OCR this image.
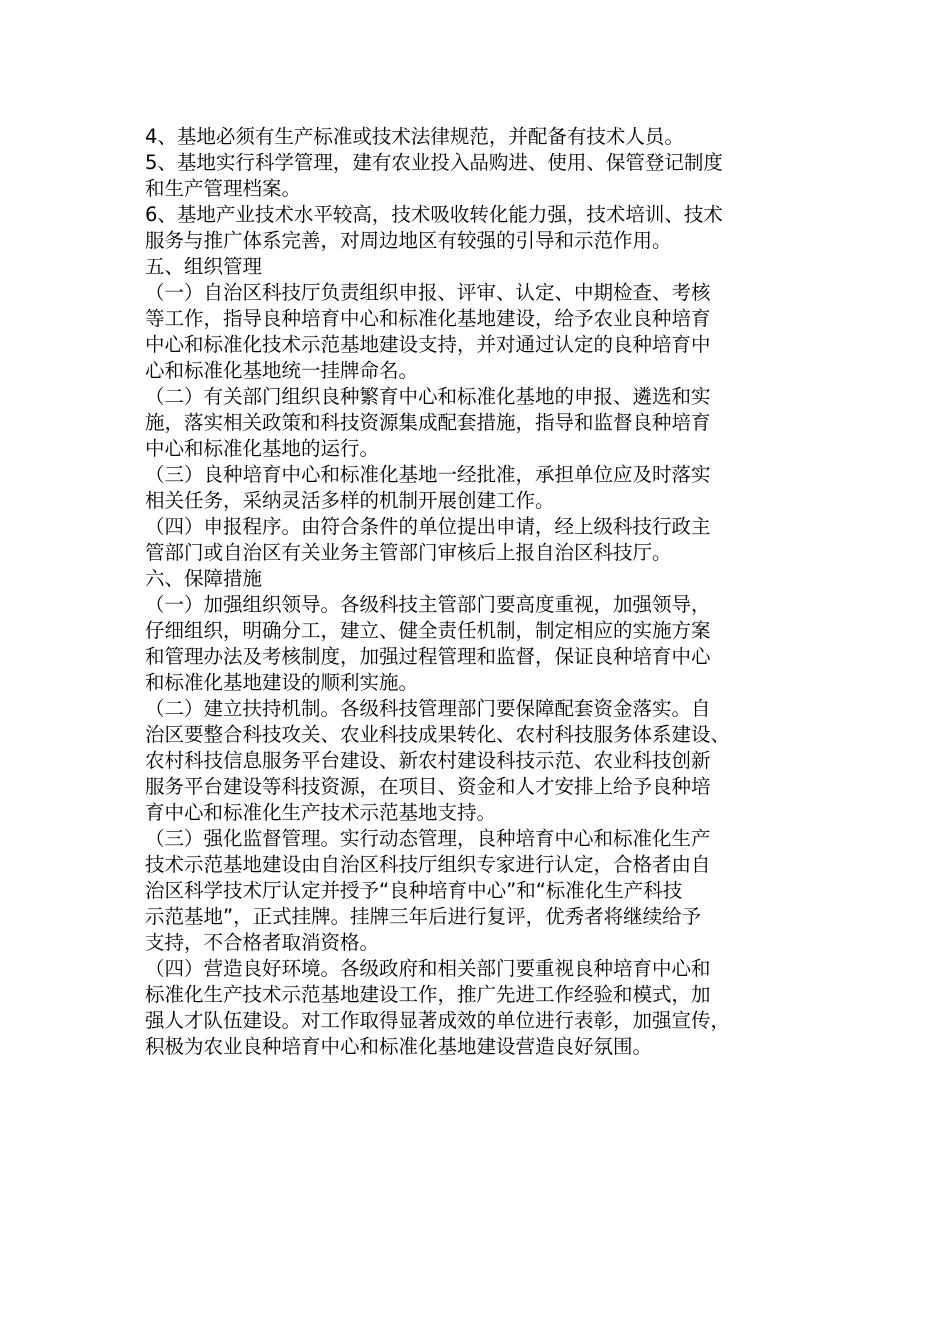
4、基地必须有生产标准或技术法律规范，并配备有技术人员。
5、基地实行科学管理，建有农业投入品购进、使用、保管登记制度
和生产管理档案。
6、基地产业技术水平较高，技术吸收转化能力强，技术培训、技术
服务与推广体系完善，对周边地区有较强的引导和示范作用。
五、组织管理
（一）自治区科技厅负责组织申报、评审、认定、中期检查、考核
等工作，指导良种培育中心和标准化基地建设，给予农业良种培育
中心和标准化技术示范基地建设支持，并对通过认定的良种培育中
心和标准化基地统一挂牌命名。
（二）有关部门组织良种繁育中心和标准化基地的申报、遴选和实
施，落实相关政策和科技资源集成配套措施，指导和监督良种培育
中心和标准化基地的运行。
（三）良种培育中心和标准化基地一经批准，承担单位应及时落实
相关任务，采纳灵活多样的机制开展创建工作。
（四）申报程序。由符合条件的单位提出申请，经上级科技行政主
管部门或自治区有关业务主管部门审核后上报自治区科技厅。
六、保障措施
（一）加强组织领导。各级科技主管部门要高度重视，加强领导，
仔细组织，明确分工，建立、健全责任机制，制定相应的实施方案
和管理办法及考核制度，加强过程管理和监督，保证良种培育中心
和标准化基地建设的顺利实施。
（二）建立扶持机制。各级科技管理部门要保障配套资金落实。自
治区要整合科技攻关、农业科技成果转化、农村科技服务体系建设、
农村科技信息服务平台建设、新农村建设科技示范、农业科技创新
服务平台建设等科技资源，在项目、资金和人才安排上给予良种培
育中心和标准化生产技术示范基地支持。
（三）强化监督管理。实行动态管理，良种培育中心和标准化生产
技术示范基地建设由自治区科技厅组织专家进行认定，合格者由自
治区科学技术厅认定并授予“良种培育中心”和“标准化生产科技
示范基地”，正式挂牌。挂牌三年后进行复评，优秀者将继续给予
支持，不合格者取消资格。
（四）营造良好环境。各级政府和相关部门要重视良种培育中心和
标准化生产技术示范基地建设工作，推广先进工作经验和模式，加
强人才队伍建设。对工作取得显著成效的单位进行表彰，加强宣传，
积极为农业良种培育中心和标准化基地建设营造良好氛围。
